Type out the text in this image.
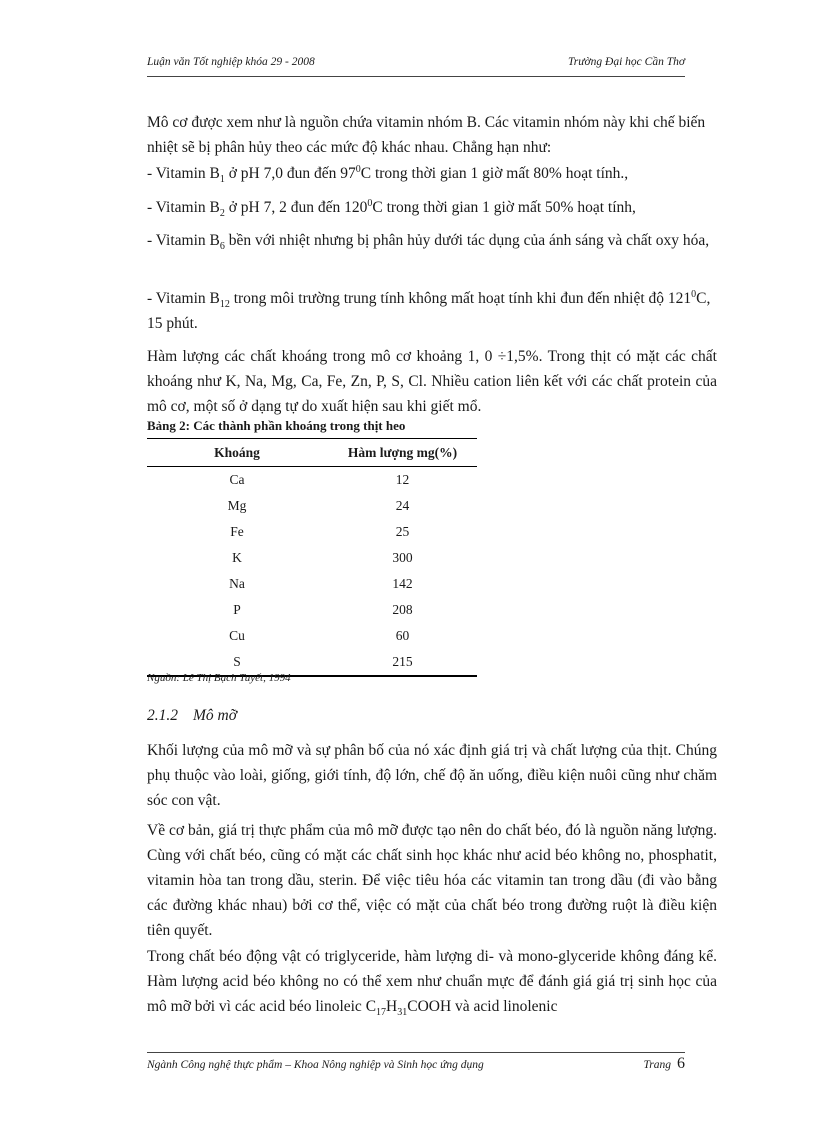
Luận văn Tốt nghiệp khóa 29 - 2008	Trường Đại học Cần Thơ

Mô cơ được xem như là nguồn chứa vitamin nhóm B. Các vitamin nhóm này khi chế biến nhiệt sẽ bị phân hủy theo các mức độ khác nhau. Chẳng hạn như:

- Vitamin $B_1$ ở pH 7,0 đun đến $97^0C$ trong thời gian 1 giờ mất 80% hoạt tính.,

- Vitamin $B_2$ ở pH 7, 2 đun đến $120^0C$ trong thời gian 1 giờ mất 50% hoạt tính,

- Vitamin $B_6$ bền với nhiệt nhưng bị phân hủy dưới tác dụng của ánh sáng và chất oxy hóa,

- Vitamin $B_{12}$ trong môi trường trung tính không mất hoạt tính khi đun đến nhiệt độ $121^0C$, 15 phút.

Hàm lượng các chất khoáng trong mô cơ khoảng 1, 0 ÷1,5%. Trong thịt có mặt các chất khoáng như K, Na, Mg, Ca, Fe, Zn, P, S, Cl. Nhiều cation liên kết với các chất protein của mô cơ, một số ở dạng tự do xuất hiện sau khi giết mổ.

Bảng 2: Các thành phần khoáng trong thịt heo
Khoáng	Hàm lượng mg(%)
Ca	12
Mg	24
Fe	25
K	300
Na	142
P	208
Cu	60
S	215
Nguồn: Lê Thị Bạch Tuyết, 1994
2.1.2 Mô mỡ

Khối lượng của mô mỡ và sự phân bố của nó xác định giá trị và chất lượng của thịt. Chúng phụ thuộc vào loài, giống, giới tính, độ lớn, chế độ ăn uống, điều kiện nuôi cũng như chăm sóc con vật.

Về cơ bản, giá trị thực phẩm của mô mỡ được tạo nên do chất béo, đó là nguồn năng lượng. Cùng với chất béo, cũng có mặt các chất sinh học khác như acid béo không no, phosphatit, vitamin hòa tan trong dầu, sterin. Để việc tiêu hóa các vitamin tan trong dầu (đi vào bằng các đường khác nhau) bởi cơ thể, việc có mặt của chất béo trong đường ruột là điều kiện tiên quyết.

Trong chất béo động vật có triglyceride, hàm lượng di- và mono-glyceride không đáng kể. Hàm lượng acid béo không no có thể xem như chuẩn mực để đánh giá giá trị sinh học của mô mỡ bởi vì các acid béo linoleic $C_{17}H_{31}COOH$ và acid linolenic

Ngành Công nghệ thực phẩm – Khoa Nông nghiệp và Sinh học ứng dụng	Trang 6
